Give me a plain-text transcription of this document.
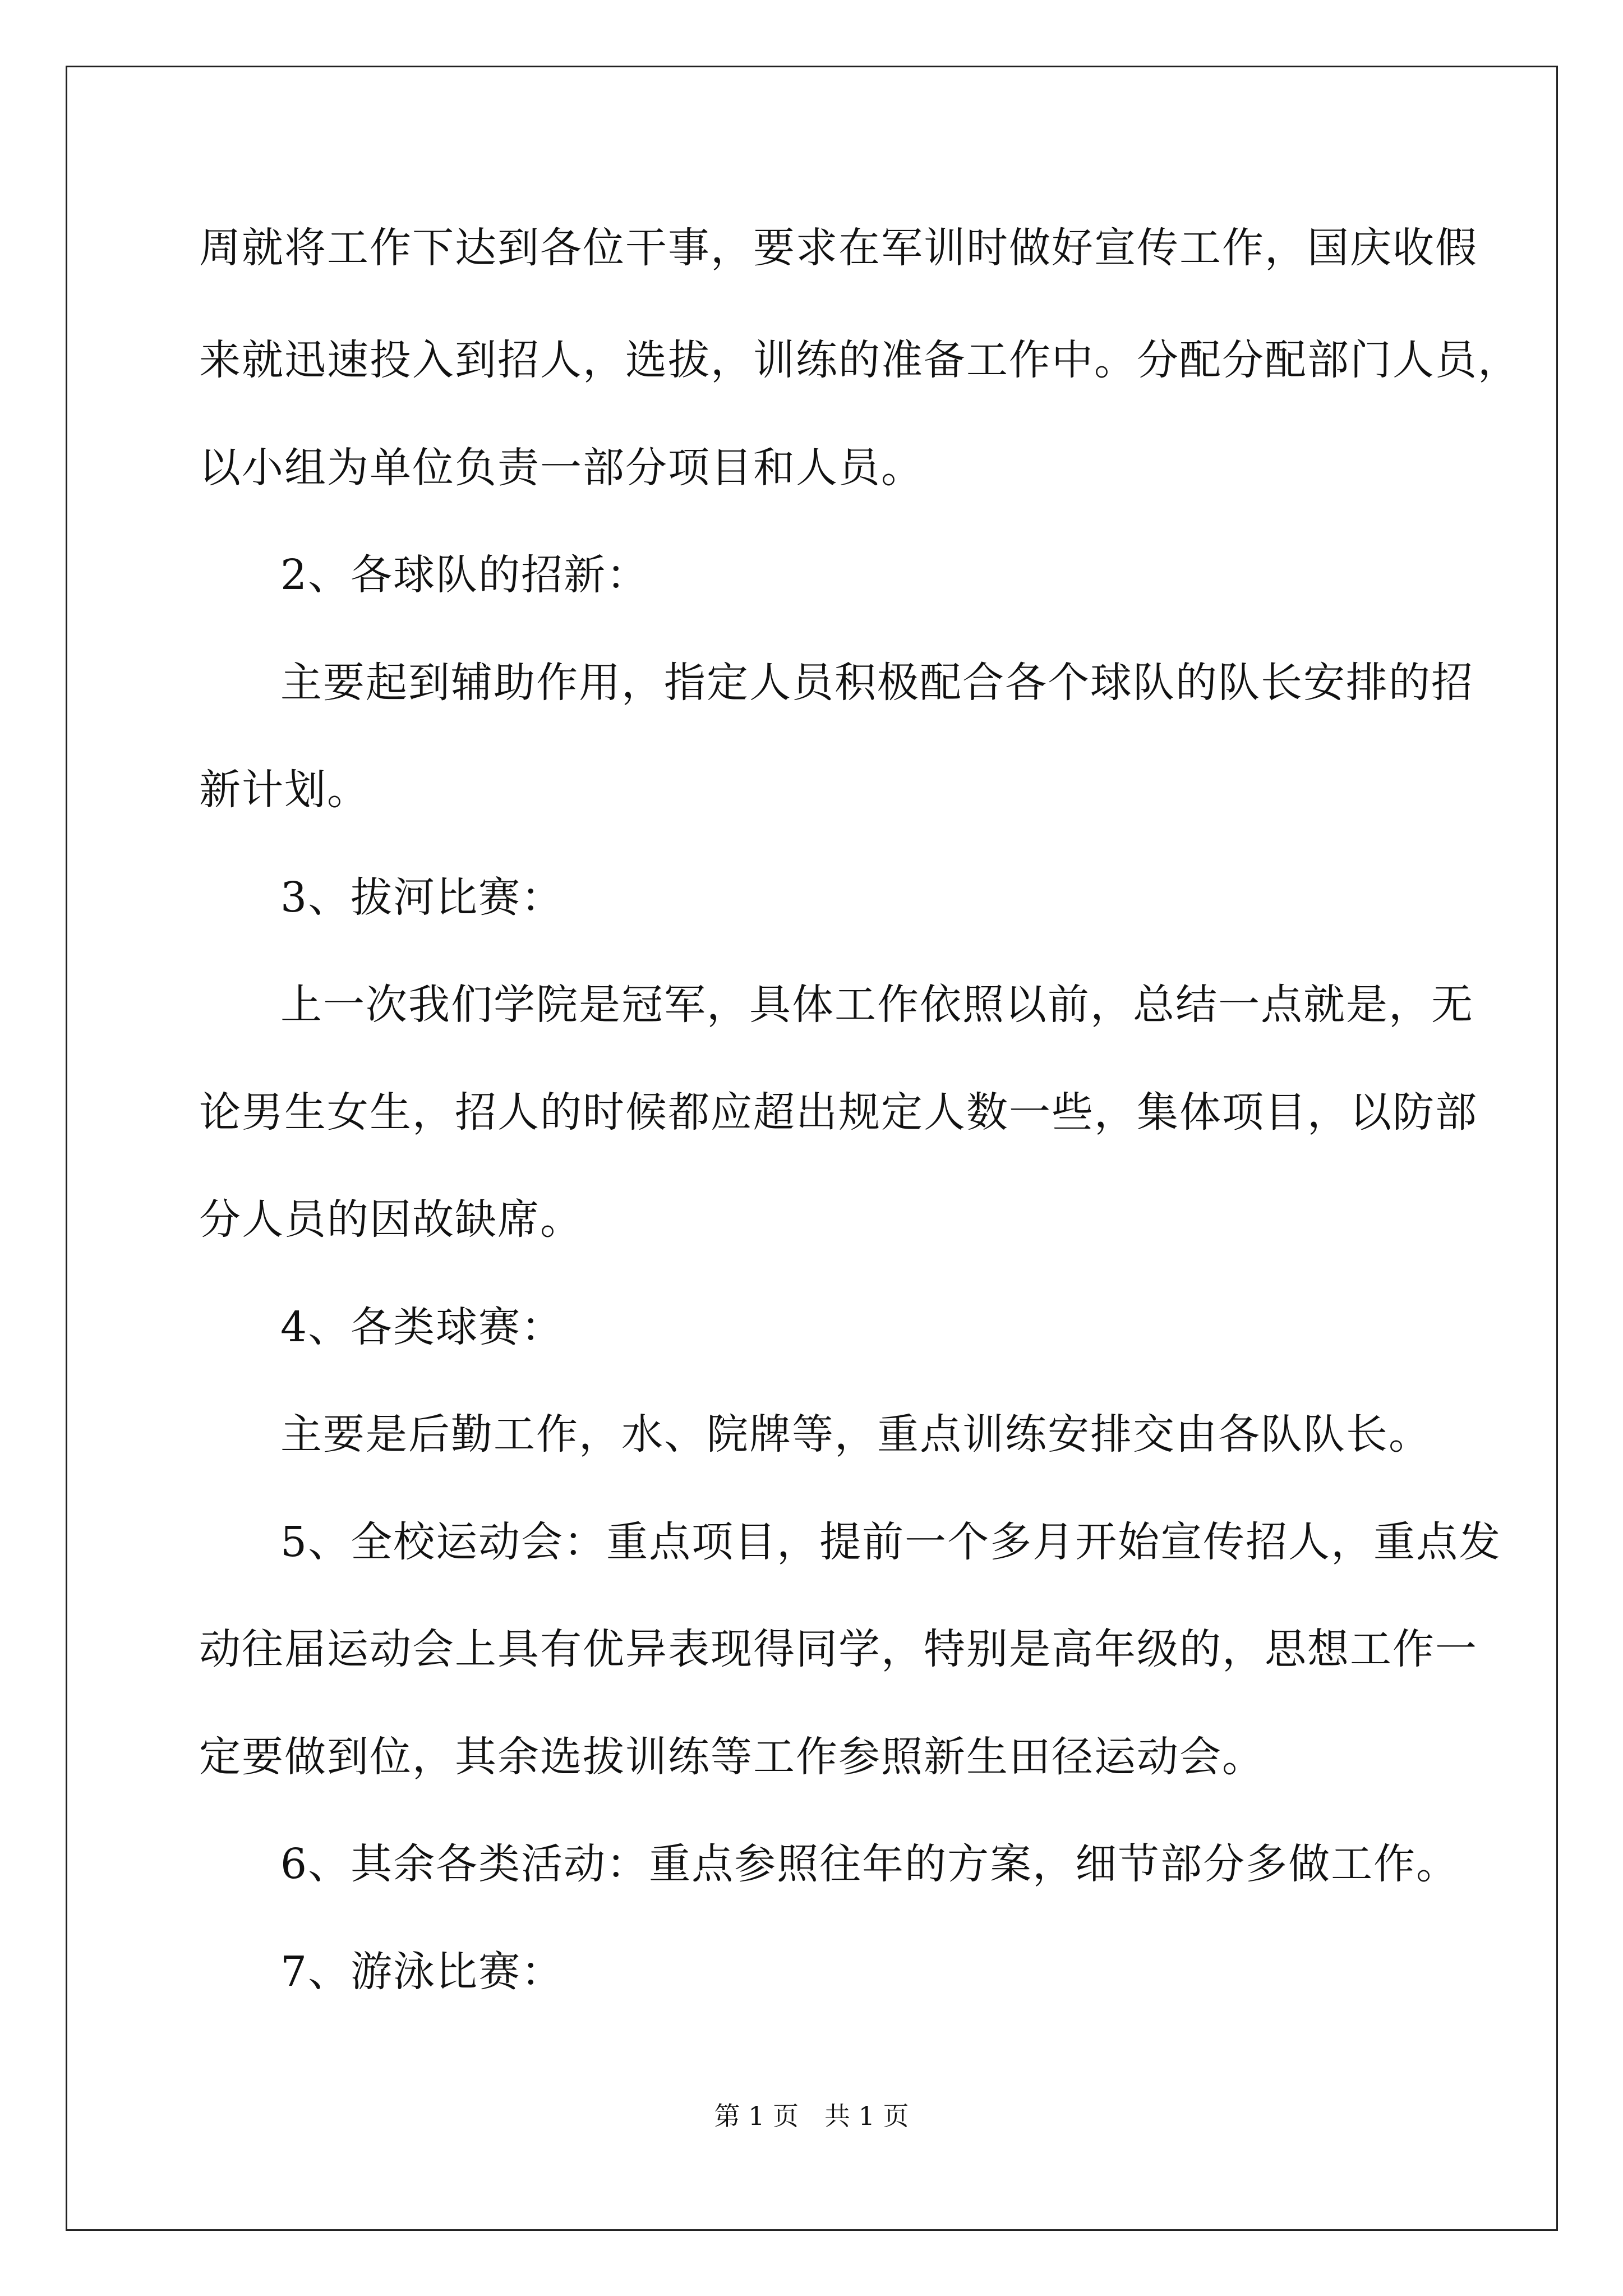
周就将工作下达到各位干事，要求在军训时做好宣传工作，国庆收假
来就迅速投入到招人，选拔，训练的准备工作中。分配分配部门人员，
以小组为单位负责一部分项目和人员。
2、各球队的招新：
主要起到辅助作用，指定人员积极配合各个球队的队长安排的招
新计划。
3、拔河比赛：
上一次我们学院是冠军，具体工作依照以前，总结一点就是，无
论男生女生，招人的时候都应超出规定人数一些，集体项目，以防部
分人员的因故缺席。
4、各类球赛：
主要是后勤工作，水、院牌等，重点训练安排交由各队队长。
5、全校运动会：重点项目，提前一个多月开始宣传招人，重点发
动往届运动会上具有优异表现得同学，特别是高年级的，思想工作一
定要做到位，其余选拔训练等工作参照新生田径运动会。
6、其余各类活动：重点参照往年的方案，细节部分多做工作。
7、游泳比赛：
第 1 页　共 1 页
